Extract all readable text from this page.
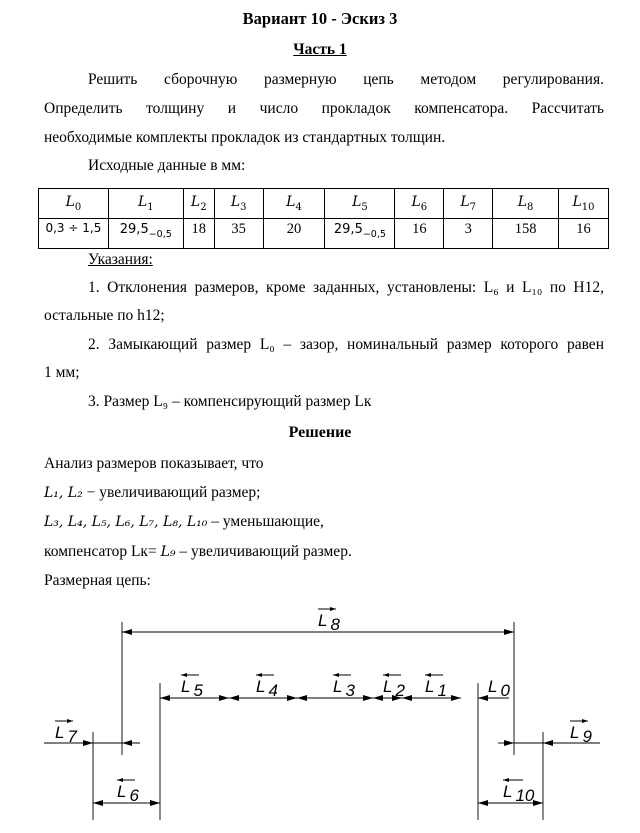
Вариант 10 - Эскиз 3
Часть 1
Решить сборочную размерную цепь методом регулирования.
Определить толщину и число прокладок компенсатора. Рассчитать
необходимые комплекты прокладок из стандартных толщин.
Исходные данные в мм:
$L_0$	$L_1$	$L_2$	$L_3$	$L_4$	$L_5$	$L_6$	$L_7$	$L_8$	$L_{10}$
0,3 ÷ 1,5	$29,5_{-0,5}$	18	35	20	$29,5_{-0,5}$	16	3	158	16
Указания:
1. Отклонения размеров, кроме заданных, установлены: L₆ и L₁₀ по H12,
остальные по h12;
2. Замыкающий размер L₀ – зазор, номинальный размер которого равен
1 мм;
3. Размер L₉ – компенсирующий размер Lк
Решение
Анализ размеров показывает, что
L₁, L₂ − увеличивающий размер;
L₃, L₄, L₅, L₆, L₇, L₈, L₁₀ – уменьшающие,
компенсатор Lк= L₉ – увеличивающий размер.
Размерная цепь:
L 8
L 5	L 4	L 3 L 2 L 1 L 0
L 7	L 9
L 6	L 10
